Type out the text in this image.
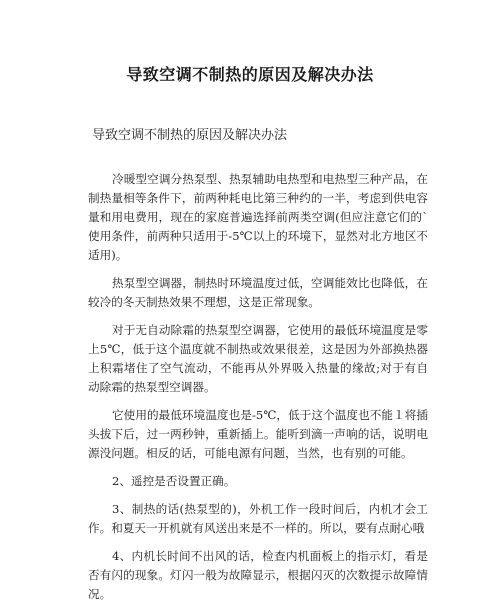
导致空调不制热的原因及解决办法

导致空调不制热的原因及解决办法

冷暖型空调分热泵型、热泵辅助电热型和电热型三种产品，在制热量相等条件下，前两种耗电比第三种约的一半，考虑到供电容量和用电费用，现在的家庭普遍选择前两类空调(但应注意它们的`使用条件，前两种只适用于-5℃以上的环境下，显然对北方地区不适用)。

热泵型空调器，制热时环境温度过低，空调能效比也降低，在较冷的冬天制热效果不理想，这是正常现象。

对于无自动除霜的热泵型空调器，它使用的最低环境温度是零上5℃，低于这个温度就不制热或效果很差，这是因为外部换热器上积霜堵住了空气流动，不能再从外界吸入热量的缘故;对于有自动除霜的热泵型空调器。

它使用的最低环境温度也是-5℃，低于这个温度也不能１将插头拔下后，过一两秒钟，重新插上。能听到滴一声响的话，说明电源没问题。相反的话，可能电源有问题，当然，也有别的可能。

2、遥控是否设置正确。

3、制热的话(热泵型的)，外机工作一段时间后，内机才会工作。和夏天一开机就有风送出来是不一样的。所以，要有点耐心哦

4、内机长时间不出风的话，检查内机面板上的指示灯，看是否有闪的现象。灯闪一般为故障显示，根据闪灭的次数提示故障情况。
